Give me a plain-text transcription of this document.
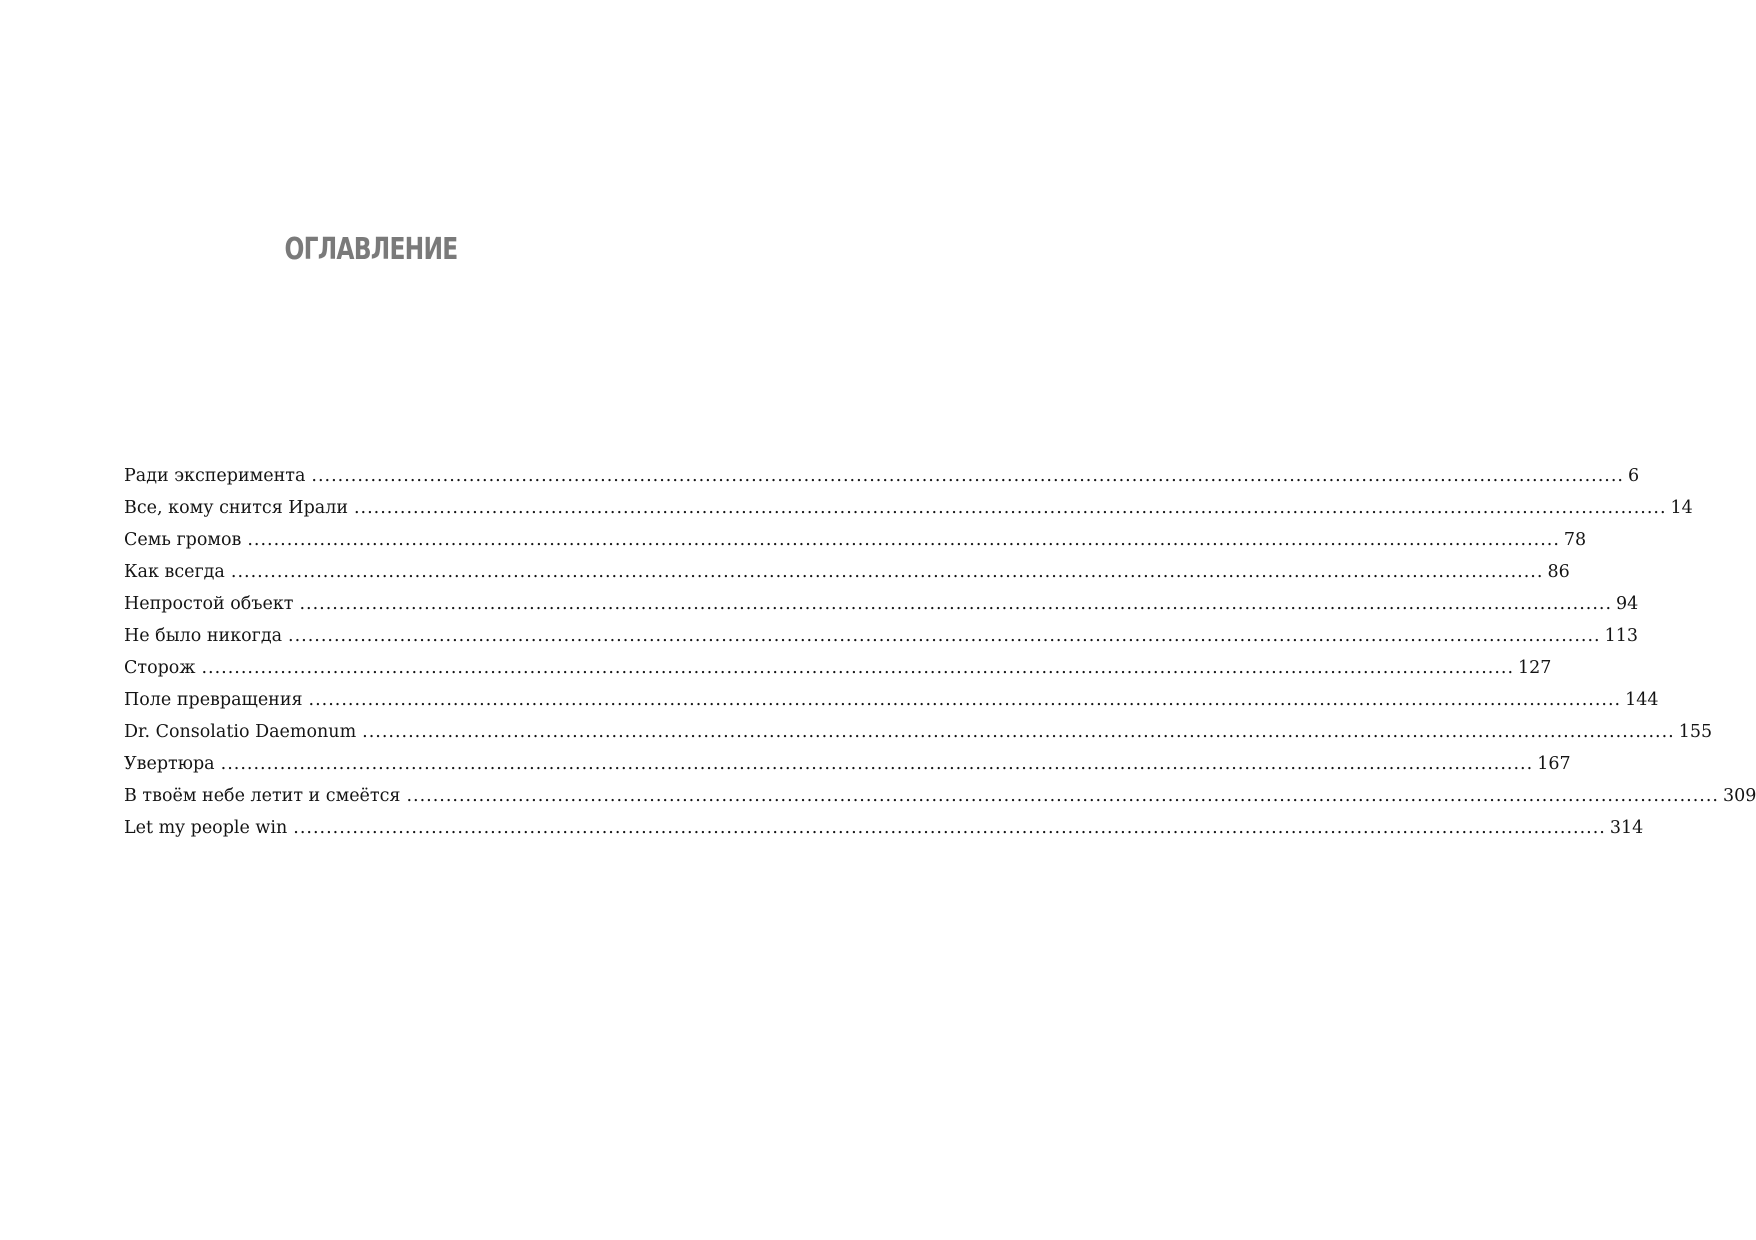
ОГЛАВЛЕНИЕ
Ради эксперимента ........................................................................................................................................................................................................ 6
Все, кому снится Ирали ........................................................................................................................................................................................................ 14
Семь громов ........................................................................................................................................................................................................ 78
Как всегда ........................................................................................................................................................................................................ 86
Непростой объект ........................................................................................................................................................................................................ 94
Не было никогда ........................................................................................................................................................................................................ 113
Сторож ........................................................................................................................................................................................................ 127
Поле превращения ........................................................................................................................................................................................................ 144
Dr. Consolatio Daemonum ........................................................................................................................................................................................................ 155
Увертюра ........................................................................................................................................................................................................ 167
В твоём небе летит и смеётся ........................................................................................................................................................................................................ 309
Let my people win ........................................................................................................................................................................................................ 314
